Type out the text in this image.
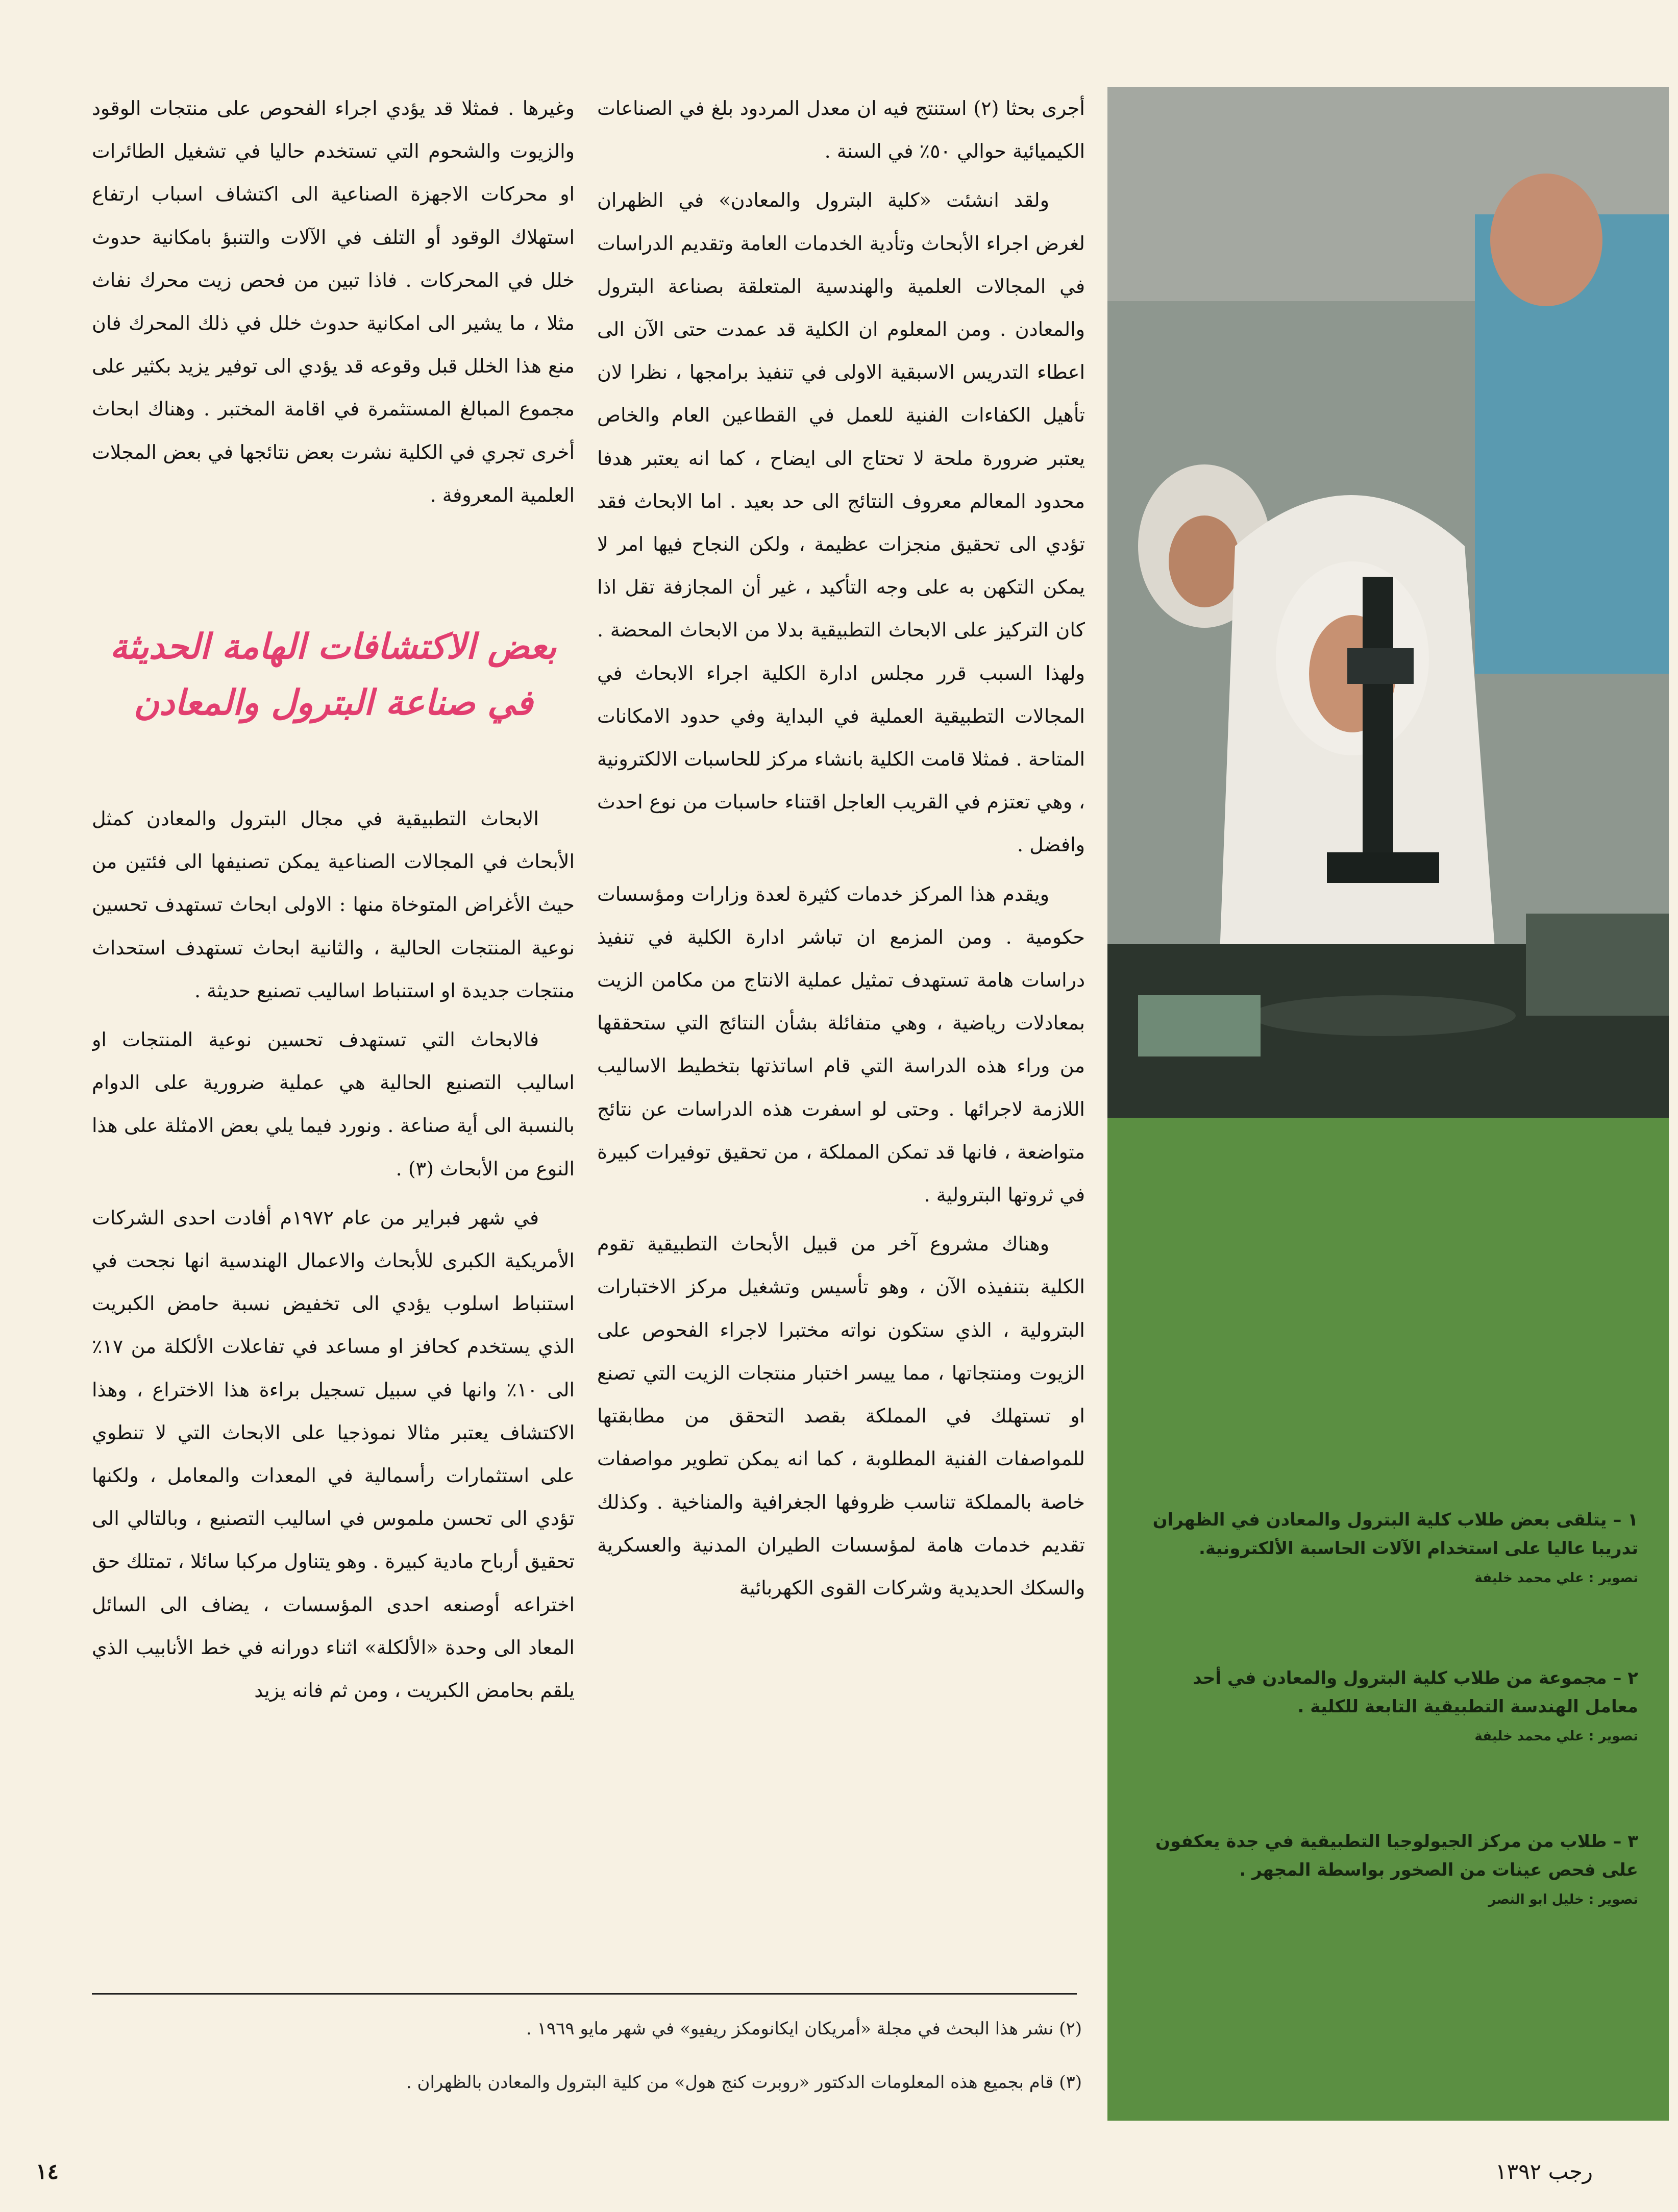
١ – يتلقى بعض طلاب كلية البترول والمعادن في الظهران تدريبا عاليا على استخدام الآلات الحاسبة الألكترونية.
تصوير : علي محمد خليفة
٢ – مجموعة من طلاب كلية البترول والمعادن في أحد معامل الهندسة التطبيقية التابعة للكلية .
تصوير : علي محمد خليفة
٣ – طلاب من مركز الجيولوجيا التطبيقية في جدة يعكفون على فحص عينات من الصخور بواسطة المجهر .
تصوير : خليل ابو النصر

أجرى بحثا (٢) استنتج فيه ان معدل المردود بلغ في الصناعات الكيميائية حوالي ٥٠٪ في السنة .

ولقد انشئت «كلية البترول والمعادن» في الظهران لغرض اجراء الأبحاث وتأدية الخدمات العامة وتقديم الدراسات في المجالات العلمية والهندسية المتعلقة بصناعة البترول والمعادن . ومن المعلوم ان الكلية قد عمدت حتى الآن الى اعطاء التدريس الاسبقية الاولى في تنفيذ برامجها ، نظرا لان تأهيل الكفاءات الفنية للعمل في القطاعين العام والخاص يعتبر ضرورة ملحة لا تحتاج الى ايضاح ، كما انه يعتبر هدفا محدود المعالم معروف النتائج الى حد بعيد . اما الابحاث فقد تؤدي الى تحقيق منجزات عظيمة ، ولكن النجاح فيها امر لا يمكن التكهن به على وجه التأكيد ، غير أن المجازفة تقل اذا كان التركيز على الابحاث التطبيقية بدلا من الابحاث المحضة . ولهذا السبب قرر مجلس ادارة الكلية اجراء الابحاث في المجالات التطبيقية العملية في البداية وفي حدود الامكانات المتاحة . فمثلا قامت الكلية بانشاء مركز للحاسبات الالكترونية ، وهي تعتزم في القريب العاجل اقتناء حاسبات من نوع احدث وافضل .

ويقدم هذا المركز خدمات كثيرة لعدة وزارات ومؤسسات حكومية . ومن المزمع ان تباشر ادارة الكلية في تنفيذ دراسات هامة تستهدف تمثيل عملية الانتاج من مكامن الزيت بمعادلات رياضية ، وهي متفائلة بشأن النتائج التي ستحققها من وراء هذه الدراسة التي قام اساتذتها بتخطيط الاساليب اللازمة لاجرائها . وحتى لو اسفرت هذه الدراسات عن نتائج متواضعة ، فانها قد تمكن المملكة ، من تحقيق توفيرات كبيرة في ثروتها البترولية .

وهناك مشروع آخر من قبيل الأبحاث التطبيقية تقوم الكلية بتنفيذه الآن ، وهو تأسيس وتشغيل مركز الاختبارات البترولية ، الذي ستكون نواته مختبرا لاجراء الفحوص على الزيوت ومنتجاتها ، مما ييسر اختبار منتجات الزيت التي تصنع او تستهلك في المملكة بقصد التحقق من مطابقتها للمواصفات الفنية المطلوبة ، كما انه يمكن تطوير مواصفات خاصة بالمملكة تناسب ظروفها الجغرافية والمناخية . وكذلك تقديم خدمات هامة لمؤسسات الطيران المدنية والعسكرية والسكك الحديدية وشركات القوى الكهربائية

وغيرها . فمثلا قد يؤدي اجراء الفحوص على منتجات الوقود والزيوت والشحوم التي تستخدم حاليا في تشغيل الطائرات او محركات الاجهزة الصناعية الى اكتشاف اسباب ارتفاع استهلاك الوقود أو التلف في الآلات والتنبؤ بامكانية حدوث خلل في المحركات . فاذا تبين من فحص زيت محرك نفاث مثلا ، ما يشير الى امكانية حدوث خلل في ذلك المحرك فان منع هذا الخلل قبل وقوعه قد يؤدي الى توفير يزيد بكثير على مجموع المبالغ المستثمرة في اقامة المختبر . وهناك ابحاث أخرى تجري في الكلية نشرت بعض نتائجها في بعض المجلات العلمية المعروفة .

بعض الاكتشافات الهامة الحديثة
في صناعة البترول والمعادن

الابحاث التطبيقية في مجال البترول والمعادن كمثل الأبحاث في المجالات الصناعية يمكن تصنيفها الى فئتين من حيث الأغراض المتوخاة منها : الاولى ابحاث تستهدف تحسين نوعية المنتجات الحالية ، والثانية ابحاث تستهدف استحداث منتجات جديدة او استنباط اساليب تصنيع حديثة .

فالابحاث التي تستهدف تحسين نوعية المنتجات او اساليب التصنيع الحالية هي عملية ضرورية على الدوام بالنسبة الى أية صناعة . ونورد فيما يلي بعض الامثلة على هذا النوع من الأبحاث (٣) .

في شهر فبراير من عام ١٩٧٢م أفادت احدى الشركات الأمريكية الكبرى للأبحاث والاعمال الهندسية انها نجحت في استنباط اسلوب يؤدي الى تخفيض نسبة حامض الكبريت الذي يستخدم كحافز او مساعد في تفاعلات الألكلة من ١٧٪ الى ١٠٪ وانها في سبيل تسجيل براءة هذا الاختراع ، وهذا الاكتشاف يعتبر مثالا نموذجيا على الابحاث التي لا تنطوي على استثمارات رأسمالية في المعدات والمعامل ، ولكنها تؤدي الى تحسن ملموس في اساليب التصنيع ، وبالتالي الى تحقيق أرباح مادية كبيرة . وهو يتناول مركبا سائلا ، تمتلك حق اختراعه أوصنعه احدى المؤسسات ، يضاف الى السائل المعاد الى وحدة «الألكلة» اثناء دورانه في خط الأنابيب الذي يلقم بحامض الكبريت ، ومن ثم فانه يزيد

(٢) نشر هذا البحث في مجلة «أمريكان ايكانومكز ريفيو» في شهر مايو ١٩٦٩ .
(٣) قام بجميع هذه المعلومات الدكتور «روبرت كنج هول» من كلية البترول والمعادن بالظهران .
١٤	رجب ١٣٩٢
